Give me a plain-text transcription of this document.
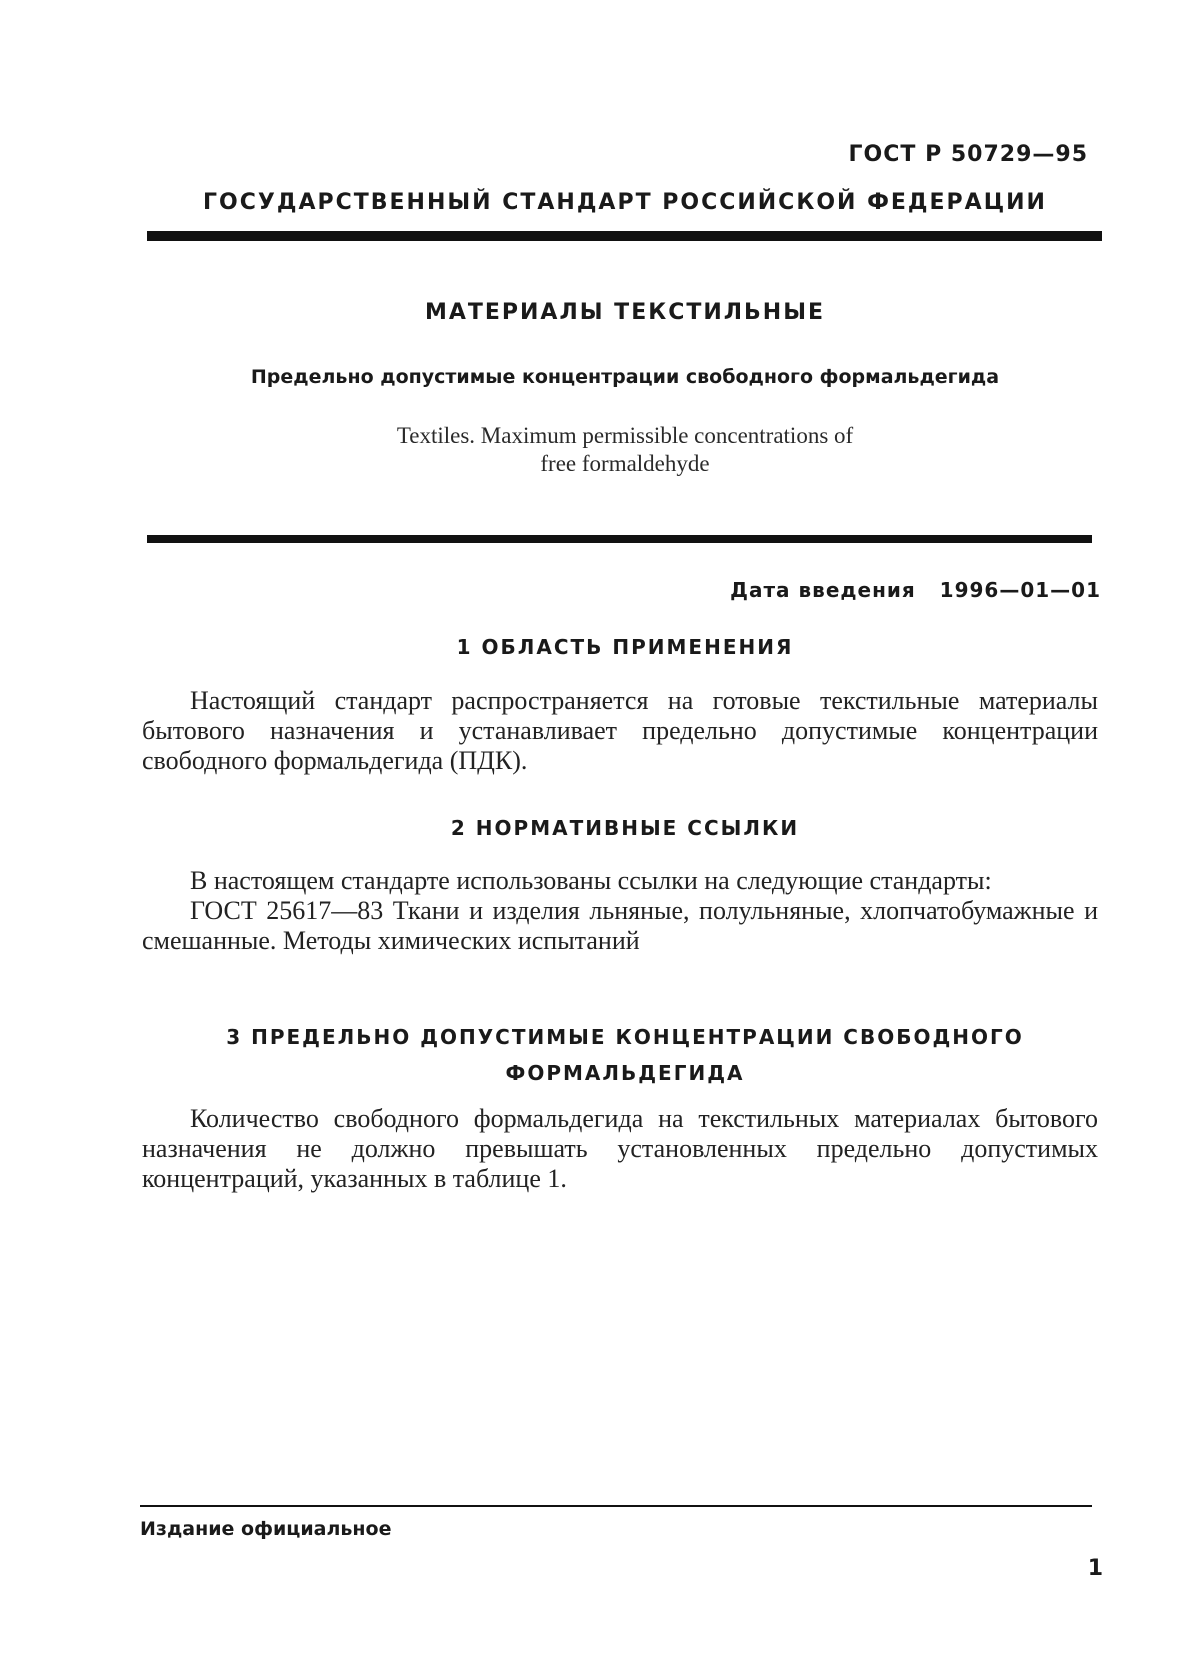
ГОСТ Р 50729—95
ГОСУДАРСТВЕННЫЙ СТАНДАРТ РОССИЙСКОЙ ФЕДЕРАЦИИ
МАТЕРИАЛЫ ТЕКСТИЛЬНЫЕ
Предельно допустимые концентрации свободного формальдегида
Textiles. Maximum permissible concentrations of
free formaldehyde
Дата введения 1996—01—01
1 ОБЛАСТЬ ПРИМЕНЕНИЯ
Настоящий стандарт распространяется на готовые текстильные материалы бытового назначения и устанавливает предельно допустимые концентрации свободного формальдегида (ПДК).
2 НОРМАТИВНЫЕ ССЫЛКИ
В настоящем стандарте использованы ссылки на следующие стандарты:
ГОСТ 25617—83 Ткани и изделия льняные, полульняные, хлопчатобумажные и смешанные. Методы химических испытаний
3 ПРЕДЕЛЬНО ДОПУСТИМЫЕ КОНЦЕНТРАЦИИ СВОБОДНОГО
ФОРМАЛЬДЕГИДА
Количество свободного формальдегида на текстильных материалах бытового назначения не должно превышать установленных предельно допустимых концентраций, указанных в таблице 1.
Издание официальное
1
